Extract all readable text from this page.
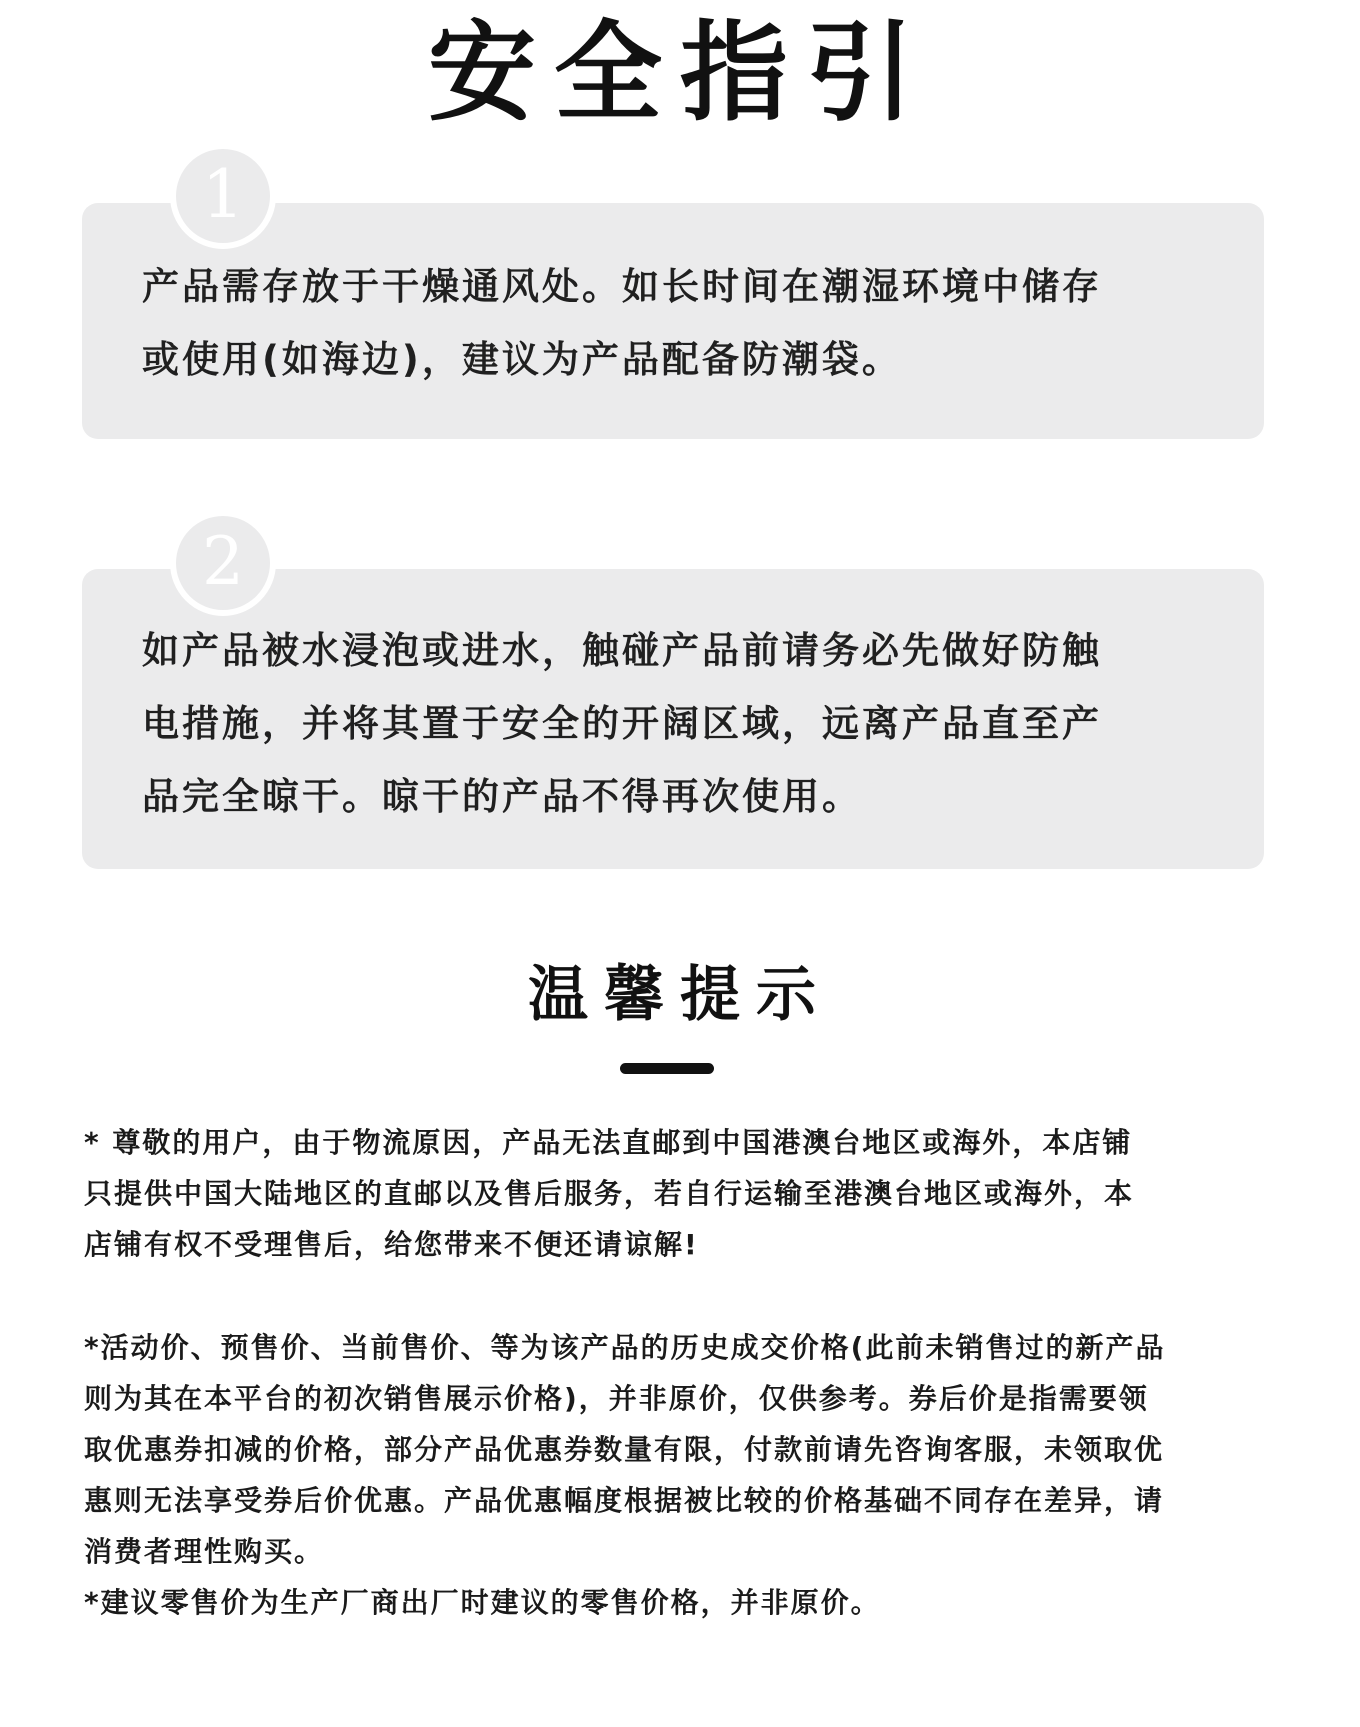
安全指引
产品需存放于干燥通风处。如长时间在潮湿环境中储存
或使用(如海边)，建议为产品配备防潮袋。
1
如产品被水浸泡或进水，触碰产品前请务必先做好防触
电措施，并将其置于安全的开阔区域，远离产品直至产
品完全晾干。晾干的产品不得再次使用。
2
温馨提示

* 尊敬的用户，由于物流原因，产品无法直邮到中国港澳台地区或海外，本店铺

只提供中国大陆地区的直邮以及售后服务，若自行运输至港澳台地区或海外，本

店铺有权不受理售后，给您带来不便还请谅解!

*活动价、预售价、当前售价、等为该产品的历史成交价格(此前未销售过的新产品

则为其在本平台的初次销售展示价格)，并非原价，仅供参考。券后价是指需要领

取优惠券扣减的价格，部分产品优惠券数量有限，付款前请先咨询客服，未领取优

惠则无法享受券后价优惠。产品优惠幅度根据被比较的价格基础不同存在差异，请

消费者理性购买。

*建议零售价为生产厂商出厂时建议的零售价格，并非原价。
